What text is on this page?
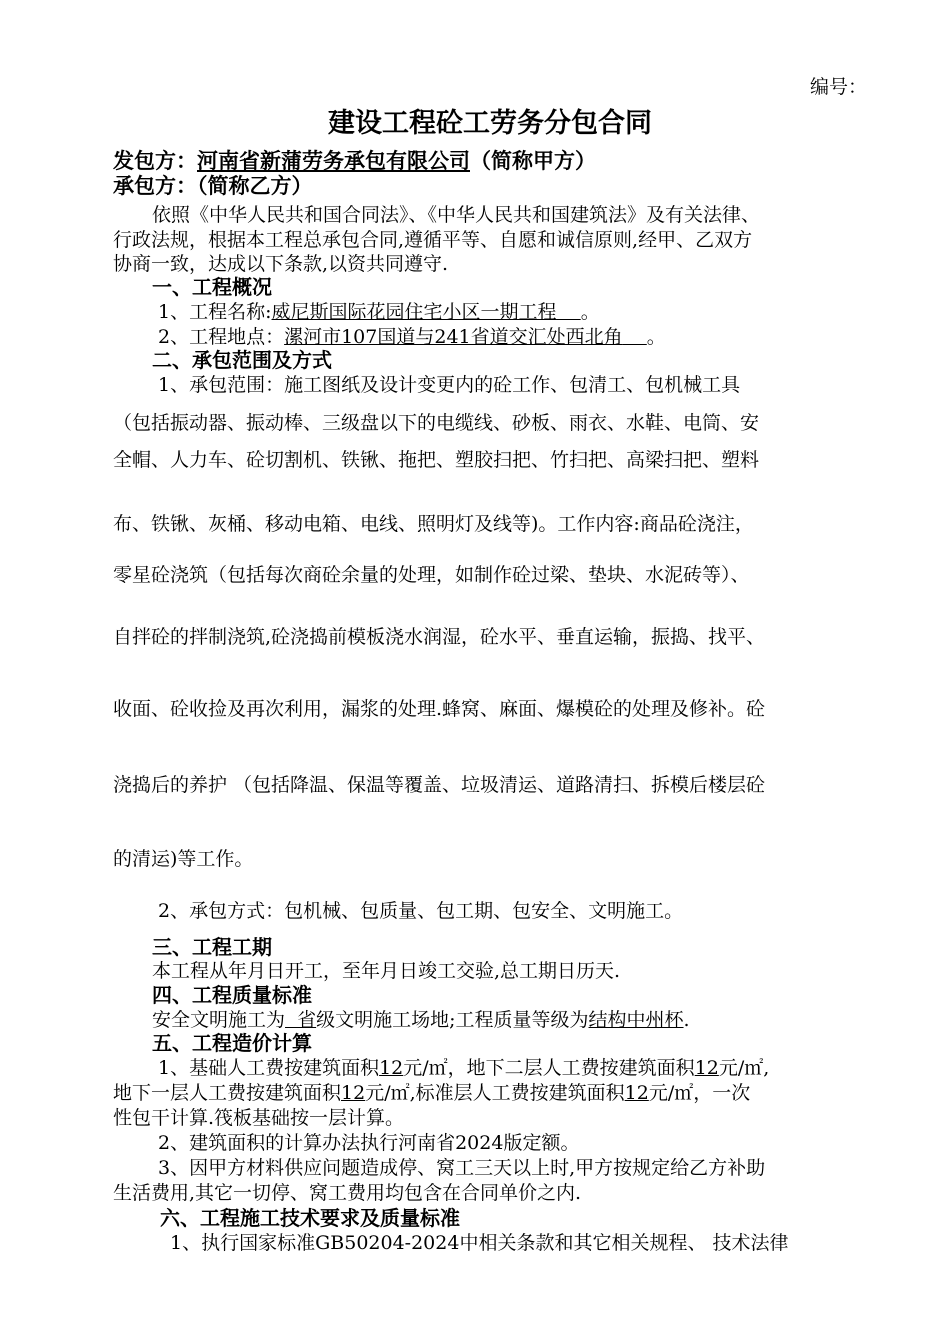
编号：
建设工程砼工劳务分包合同
发包方：河南省新蒲劳务承包有限公司（简称甲方）
承包方：（简称乙方）
依照《中华人民共和国合同法》、《中华人民共和国建筑法》及有关法律、
行政法规，根据本工程总承包合同,遵循平等、自愿和诚信原则,经甲、乙双方
协商一致，达成以下条款,以资共同遵守.
一、工程概况
1、工程名称:威尼斯国际花园住宅小区一期工程 。
2、工程地点：漯河市107国道与241省道交汇处西北角 。
二、承包范围及方式
1、承包范围：施工图纸及设计变更内的砼工作、包清工、包机械工具
（包括振动器、振动棒、三级盘以下的电缆线、砂板、雨衣、水鞋、电筒、安
全帽、人力车、砼切割机、铁锹、拖把、塑胶扫把、竹扫把、高梁扫把、塑料
布、铁锹、灰桶、移动电箱、电线、照明灯及线等)。工作内容:商品砼浇注，
零星砼浇筑（包括每次商砼余量的处理，如制作砼过梁、垫块、水泥砖等）、
自拌砼的拌制浇筑,砼浇捣前模板浇水润湿，砼水平、垂直运输，振捣、找平、
收面、砼收捡及再次利用，漏浆的处理.蜂窝、麻面、爆模砼的处理及修补。砼
浇捣后的养护 （包括降温、保温等覆盖、垃圾清运、道路清扫、拆模后楼层砼
的清运)等工作。
2、承包方式：包机械、包质量、包工期、包安全、文明施工。
三、工程工期
本工程从年月日开工，至年月日竣工交验,总工期日历天.
四、工程质量标准
安全文明施工为  省级文明施工场地;工程质量等级为结构中州杯.
五、工程造价计算
1、基础人工费按建筑面积12元/㎡，地下二层人工费按建筑面积12元/㎡,
地下一层人工费按建筑面积12元/㎡,标准层人工费按建筑面积12元/㎡，一次
性包干计算.筏板基础按一层计算。
2、建筑面积的计算办法执行河南省2024版定额。
3、因甲方材料供应问题造成停、窝工三天以上时,甲方按规定给乙方补助
生活费用,其它一切停、窝工费用均包含在合同单价之内.
六、工程施工技术要求及质量标准
1、执行国家标准GB50204-2024中相关条款和其它相关规程、 技术法律
